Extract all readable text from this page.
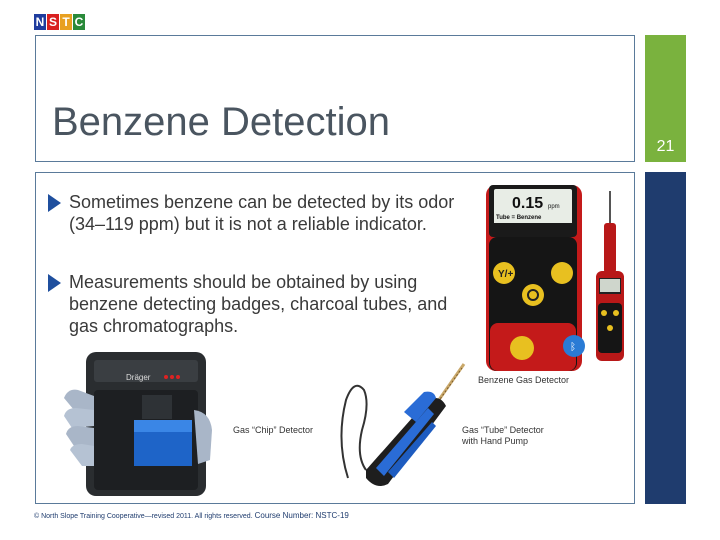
N S T C
Benzene Detection
21
Sometimes benzene can be detected by its odor (34–119 ppm) but it is not a reliable indicator.
Measurements should be obtained by using benzene detecting badges, charcoal tubes, and gas chromatographs.
0.15 ppm
Tube = Benzene
Y/+
ᛒ
Benzene Gas Detector
Dräger
Gas “Chip” Detector	Gas “Tube” Detector
with Hand Pump
© North Slope Training Cooperative—revised 2011. All rights reserved. Course Number: NSTC-19
